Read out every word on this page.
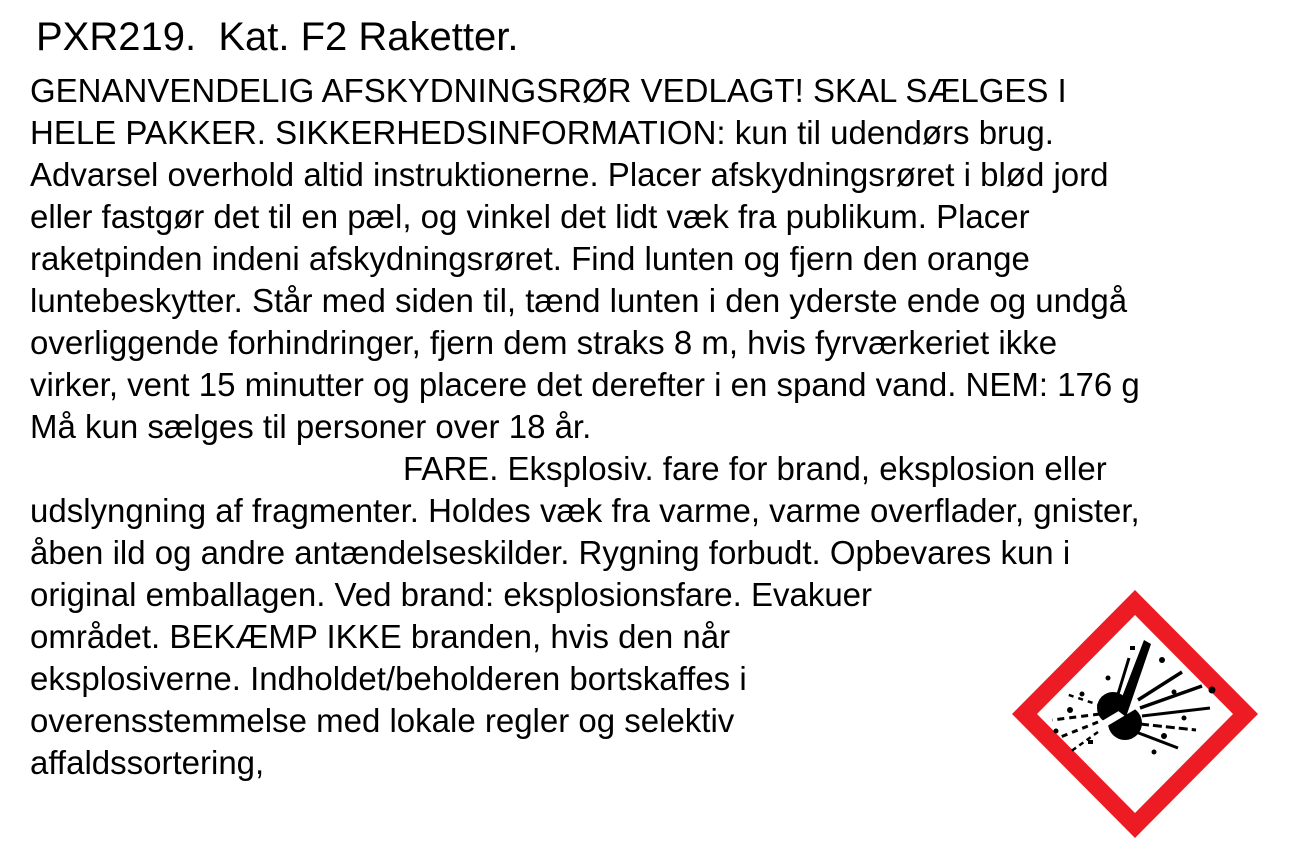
PXR219.  Kat. F2 Raketter.
GENANVENDELIG AFSKYDNINGSRØR VEDLAGT! SKAL SÆLGES I
HELE PAKKER. SIKKERHEDSINFORMATION: kun til udendørs brug.
Advarsel overhold altid instruktionerne. Placer afskydningsrøret i blød jord
eller fastgør det til en pæl, og vinkel det lidt væk fra publikum. Placer
raketpinden indeni afskydningsrøret. Find lunten og fjern den orange
luntebeskytter. Står med siden til, tænd lunten i den yderste ende og undgå
overliggende forhindringer, fjern dem straks 8 m, hvis fyrværkeriet ikke
virker, vent 15 minutter og placere det derefter i en spand vand. NEM: 176 g
Må kun sælges til personer over 18 år.
FARE. Eksplosiv. fare for brand, eksplosion eller
udslyngning af fragmenter. Holdes væk fra varme, varme overflader, gnister,
åben ild og andre antændelseskilder. Rygning forbudt. Opbevares kun i
original emballagen. Ved brand: eksplosionsfare. Evakuer
området. BEKÆMP IKKE branden, hvis den når
eksplosiverne. Indholdet/beholderen bortskaffes i
overensstemmelse med lokale regler og selektiv
affaldssortering,
